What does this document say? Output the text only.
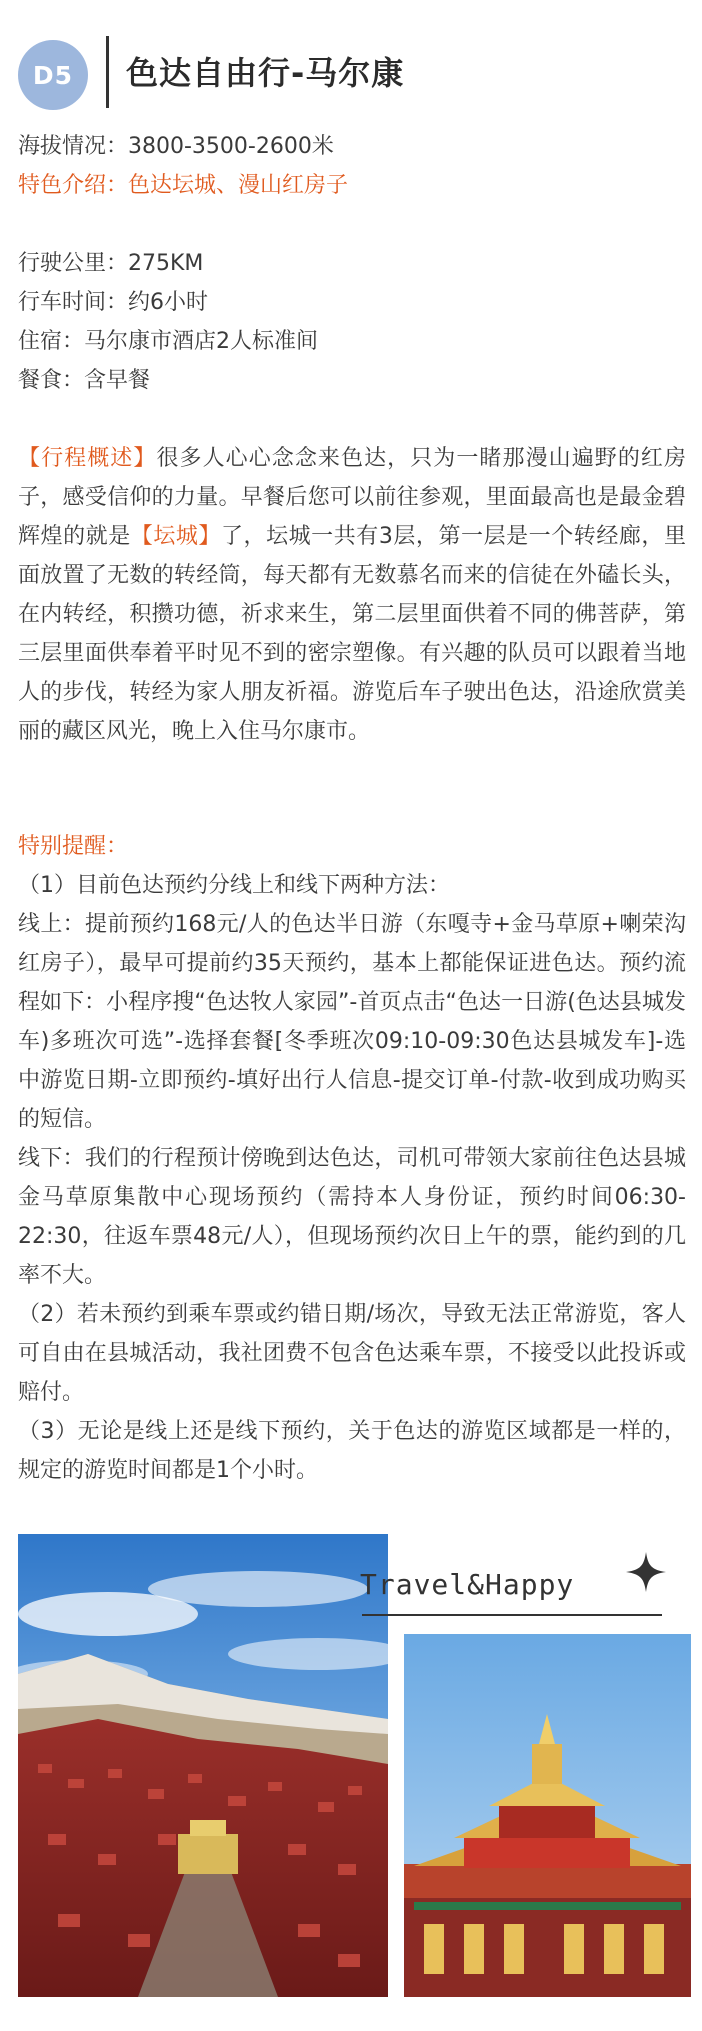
D5	色达自由行-马尔康
海拔情况：3800-3500-2600米
特色介绍：色达坛城、漫山红房子
行驶公里：275KM
行车时间：约6小时
住宿：马尔康市酒店2人标准间
餐食：含早餐
【行程概述】很多人心心念念来色达，只为一睹那漫山遍野的红房子，感受信仰的力量。早餐后您可以前往参观，里面最高也是最金碧辉煌的就是【坛城】了，坛城一共有3层，第一层是一个转经廊，里面放置了无数的转经筒，每天都有无数慕名而来的信徒在外磕长头，在内转经，积攒功德，祈求来生，第二层里面供着不同的佛菩萨，第三层里面供奉着平时见不到的密宗塑像。有兴趣的队员可以跟着当地人的步伐，转经为家人朋友祈福。游览后车子驶出色达，沿途欣赏美丽的藏区风光，晚上入住马尔康市。
特别提醒：
（1）目前色达预约分线上和线下两种方法：
线上：提前预约168元/人的色达半日游（东嘎寺+金马草原+喇荣沟红房子），最早可提前约35天预约，基本上都能保证进色达。预约流程如下：小程序搜“色达牧人家园”-首页点击“色达一日游(色达县城发车)多班次可选”-选择套餐[冬季班次09:10-09:30色达县城发车]-选中游览日期-立即预约-填好出行人信息-提交订单-付款-收到成功购买的短信。
线下：我们的行程预计傍晚到达色达，司机可带领大家前往色达县城金马草原集散中心现场预约（需持本人身份证，预约时间06:30-22:30，往返车票48元/人），但现场预约次日上午的票，能约到的几率不大。
（2）若未预约到乘车票或约错日期/场次，导致无法正常游览，客人可自由在县城活动，我社团费不包含色达乘车票，不接受以此投诉或赔付。
（3）无论是线上还是线下预约，关于色达的游览区域都是一样的，规定的游览时间都是1个小时。
Travel&Happy
